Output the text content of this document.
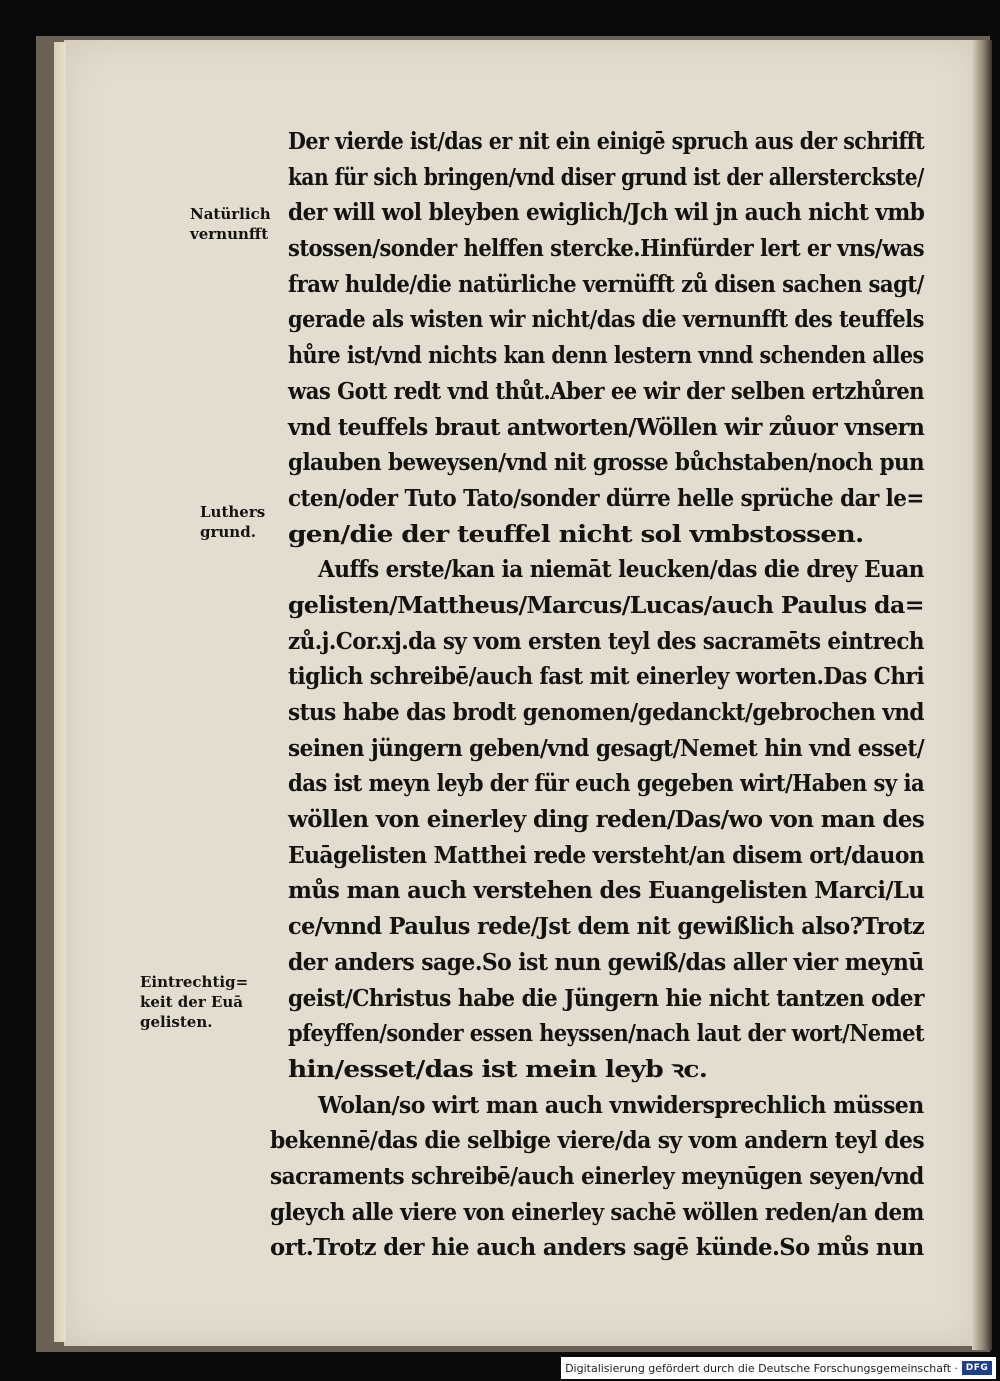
Der vierde ist/das er nit ein einigē spruch aus der schrifft
kan für sich bringen/vnd diser grund ist der allersterckste/
der will wol bleyben ewiglich/Jch wil jn auch nicht vmb
stossen/sonder helffen stercke.Hinfürder lert er vns/was
fraw hulde/die natürliche vernüfft zů disen sachen sagt/
gerade als wisten wir nicht/das die vernunfft des teuffels
hůre ist/vnd nichts kan denn lestern vnnd schenden alles
was Gott redt vnd thůt.Aber ee wir der selben ertzhůren
vnd teuffels braut antworten/Wöllen wir zůuor vnsern
glauben beweysen/vnd nit grosse bůchstaben/noch pun
cten/oder Tuto Tato/sonder dürre helle sprüche dar le=
gen/die der teuffel nicht sol vmbstossen.
Auffs erste/kan ia niemāt leucken/das die drey Euan
gelisten/Mattheus/Marcus/Lucas/auch Paulus da=
zů.j.Cor.xj.da sy vom ersten teyl des sacramēts eintrech
tiglich schreibē/auch fast mit einerley worten.Das Chri
stus habe das brodt genomen/gedanckt/gebrochen vnd
seinen jüngern geben/vnd gesagt/Nemet hin vnd esset/
das ist meyn leyb der für euch gegeben wirt/Haben sy ia
wöllen von einerley ding reden/Das/wo von man des
Euāgelisten Matthei rede versteht/an disem ort/dauon
můs man auch verstehen des Euangelisten Marci/Lu
ce/vnnd Paulus rede/Jst dem nit gewißlich also?Trotz
der anders sage.So ist nun gewiß/das aller vier meynū
geist/Christus habe die Jüngern hie nicht tantzen oder
pfeyffen/sonder essen heyssen/nach laut der wort/Nemet
hin/esset/das ist mein leyb ꝛc.
Wolan/so wirt man auch vnwidersprechlich müssen
bekennē/das die selbige viere/da sy vom andern teyl des
sacraments schreibē/auch einerley meynūgen seyen/vnd
gleych alle viere von einerley sachē wöllen reden/an dem
ort.Trotz der hie auch anders sagē künde.So můs nun
Natürlich
vernunfft
Luthers
grund.
Eintrechtig=
keit der Euā
gelisten.
Digitalisierung gefördert durch die Deutsche Forschungsgemeinschaft · DFG
